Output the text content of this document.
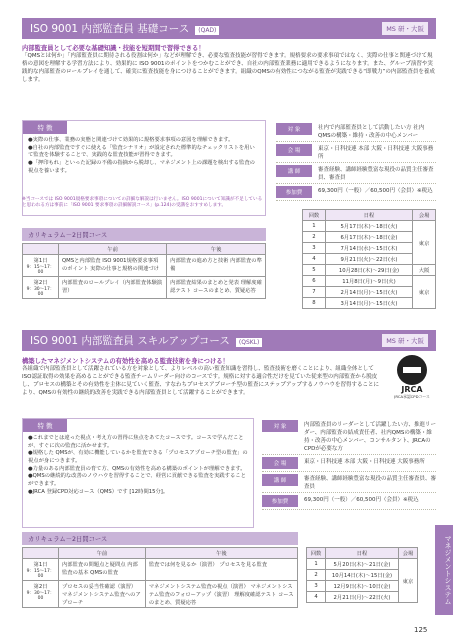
ISO 9001 内部監査員 基礎コース (QAD)	MS 研・大阪
内部監査員として必要な基礎知識・技能を短期間で習得できる！
「QMSとは何か」「内部監査員に期待される役割は何か」などが理解でき、必要な監査技能が習得できます。規格要求の要求事項ではなく、実際の仕事と関連づけて規格の意図を理解する学習方法により、効果的に ISO 9001のポイントをつかむことができ、自社の内部監査業務に適用できるようになります。また、グループ演習や実践的な内部監査のロールプレイを通して、確実に監査技能を身につけることができます。組織のQMSの有効性につながる監査が実践できる“即戦力”の内部監査員を養成します。
特 徴
●実際の仕事、業務の実態と関連づけて効果的に規格要求事項の意図を理解できます。
●自社の内部監査ですぐに使える「監査シナリオ」が設定された標準的なチェックリストを用いて監査を体験することで、実践的な監査技能が習得できます。
●「押印もれ」といった記録の不備の指摘から脱却し、マネジメント上の課題を検出する監査の視点を養います。
※当コースでは ISO 9001規格要求事項についての詳細な解説は行いません。ISO 9001について知識が不足していると思われる方は事前に「ISO 9001 要求事項の詳細解説コース」(p.124)の受講をおすすめします。
対 象	社内で内部監査員として活動したい方 社内QMSの構築・維持・改善の中心メンバー
会 場	東京・日科技連 本部 大阪・日科技連 大阪事務所
講 師	審査経験、講師経験豊富な現役の品質主任審査員、審査員
参加費	69,300円（一般）／60,500円（会員）※税込
カリキュラム－2日間コース
	午前	午後

第1日
9：15〜17：00	QMSと内部監査 ISO 9001規格要求事項のポイント 実際の仕事と規格の関連づけ	内部監査の進め方と技術 内部監査の準備

第2日
9：30〜17：00	内部監査のロールプレイ（内部監査体験演習）	内部監査結果のまとめと発表 理解度確認テスト コースのまとめ、質疑応答
回数	日程	会場
1	5月17日(木)～18日(火)	東京
2	6月17日(木)～18日(金)	
3	7月14日(水)～15日(木)	
4	9月21日(火)～22日(水)	
5	10月28日(木)～29日(金)	大阪
6	11月8日(月)～9日(火)	東京
7	2月14日(月)～15日(火)	
8	3月14日(月)～15日(火)	
ISO 9001 内部監査員 スキルアップコース (QSKL)	MS 研・大阪
構築したマネジメントシステムの有効性を高める監査技術を身につける！
各組織で内部監査員として活躍されている方を対象として、よりレベルの高い監査知識を習得し、監査技術を磨くことにより、組織全体としてISO認証取得の効果を高めることができる監査チームリーダー向けのコースです。規格に対する適合性だけを見ていた従来型の内部監査から脱皮し、プロセスの構築とその有効性を主体に見ていく監査、すなわちプロセスアプローチ型の監査にステップアップするノウハウを習得することにより、QMSの有効性の継続的改善を実践できる内部監査員として活躍することができます。	JRCA
JRCA承認CPDコース
特 徴
●これまでとは違った視点・考え方の習得に焦点をあてたコースです。コースで学んだことが、すぐに次の監査に活かせます。
●規格した QMSが、有効に機能しているかを監査できる「プロセスアプローチ型の監査」の視点が身につきます。
●力量のある内部監査員の育て方、QMSの有効性を高める構築のポイントが理解できます。
●QMSの継続的な改善のノウハウを習得することで、経営に貢献できる監査を実践することができます。
●JRCA 登録CPD対応コース（QMS）です [12時間15分]。
対 象	内部監査員のリーダーとして活躍したい方、推進リーダー、内部監査の結成責任者、社内QMSの構築・維持・改善の中心メンバー、コンサルタント、JRCAのCPDが必要な方
会 場	東京・日科技連 本部 大阪・日科技連 大阪事務所
講 師	審査経験、講師経験豊富な現役の品質主任審査員、審査員
参加費	69,300円（一般）／60,500円（会員）※税込
カリキュラム－2日間コース
	午前	午後

第1日
9：15〜17：00	内部監査の問題点と疑問点 内部監査の基本 QMSの監査	監査では何を見るか（演習） プロセスを見る監査

第2日
9：30〜17：00	プロセスの妥当性確認（演習） マネジメントシステム監査へのアプローチ	マネジメントシステム監査の視点（演習） マネジメントシステム監査のフォローアップ（演習） 理解度確認テスト コースのまとめ、質疑応答
回数	日程	会場
1	5月20日(木)～21日(金)	東京
2	10月14日(木)～15日(金)	
3	12月9日(木)～10日(金)	
4	2月21日(月)～22日(火)		マネジメントシステム
125
